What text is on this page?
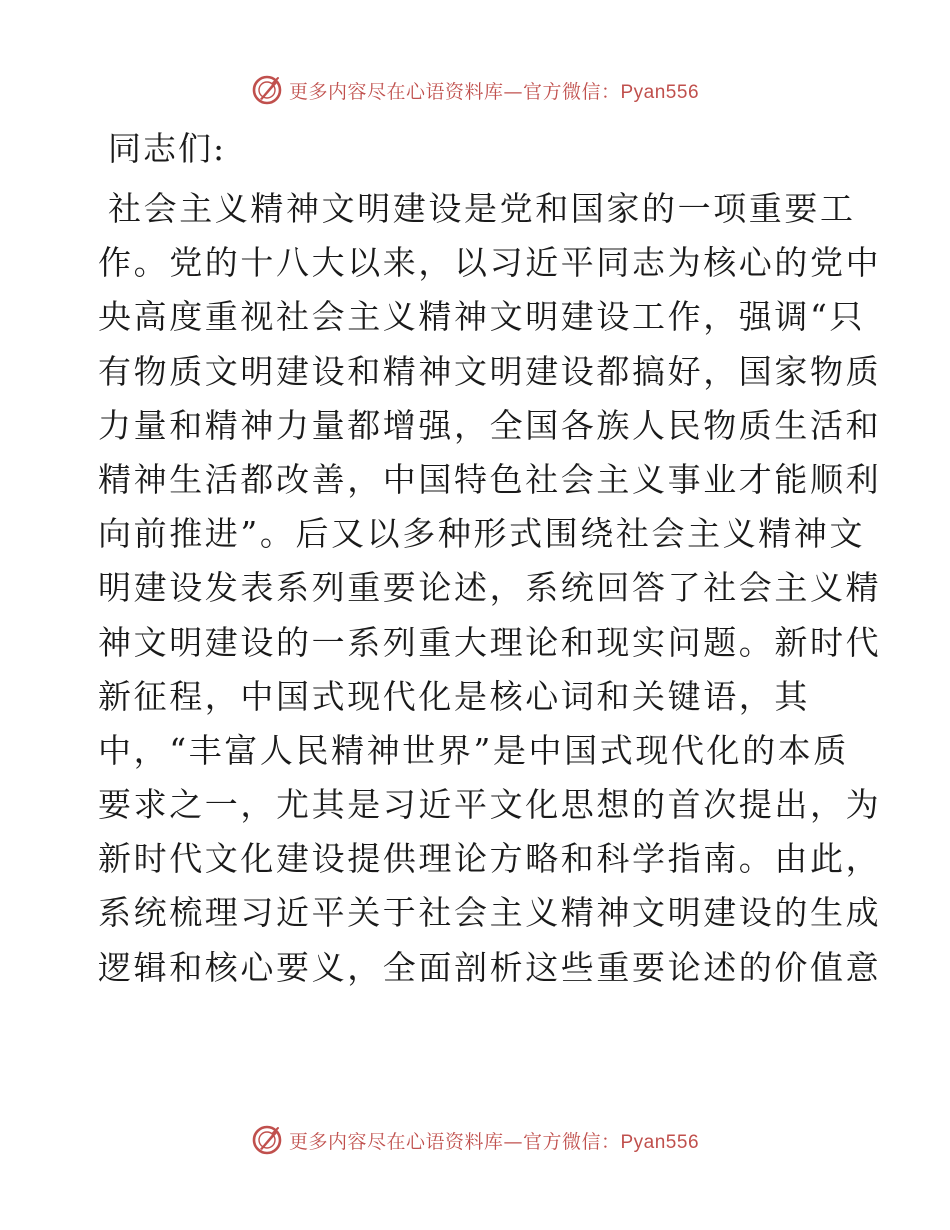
更多内容尽在心语资料库—官方微信：Pyan556
同志们:
社会主义精神文明建设是党和国家的一项重要工
作。党的十八大以来，以习近平同志为核心的党中
央高度重视社会主义精神文明建设工作，强调“只
有物质文明建设和精神文明建设都搞好，国家物质
力量和精神力量都增强，全国各族人民物质生活和
精神生活都改善，中国特色社会主义事业才能顺利
向前推进”。后又以多种形式围绕社会主义精神文
明建设发表系列重要论述，系统回答了社会主义精
神文明建设的一系列重大理论和现实问题。新时代
新征程，中国式现代化是核心词和关键语，其
中，“丰富人民精神世界”是中国式现代化的本质
要求之一，尤其是习近平文化思想的首次提出，为
新时代文化建设提供理论方略和科学指南。由此，
系统梳理习近平关于社会主义精神文明建设的生成
逻辑和核心要义，全面剖析这些重要论述的价值意
更多内容尽在心语资料库—官方微信：Pyan556
